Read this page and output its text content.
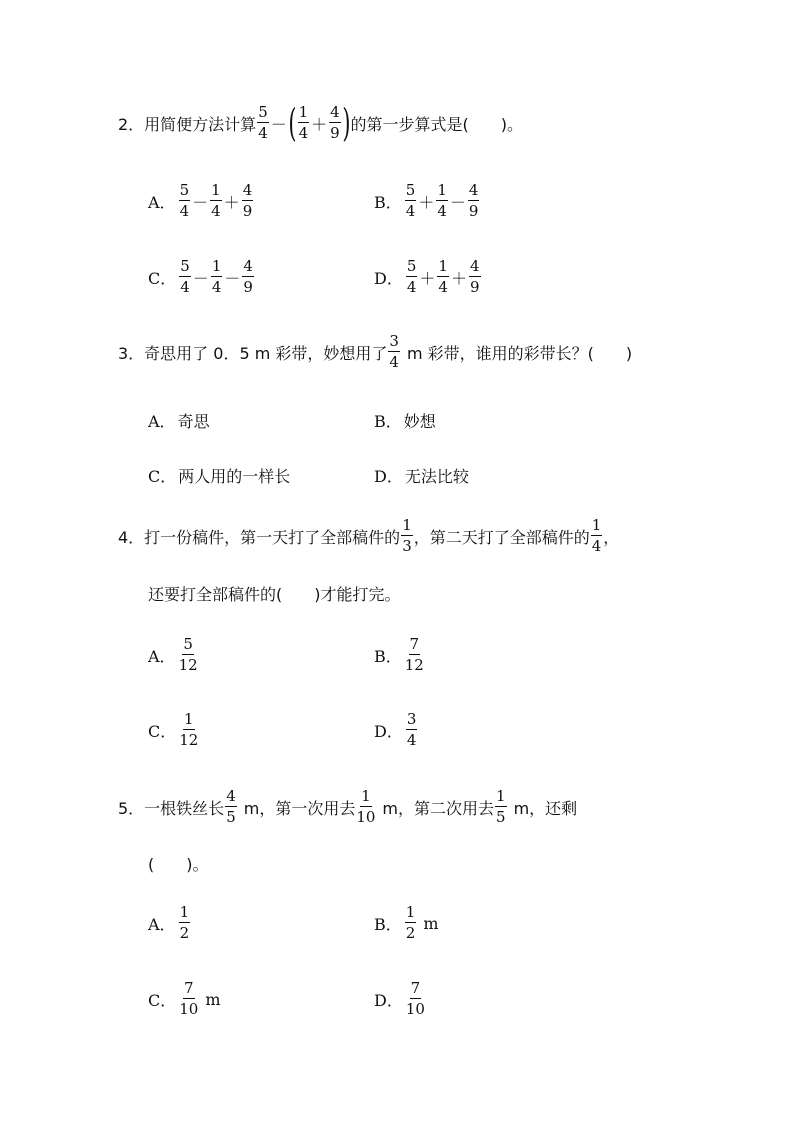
2．用简便方法计算 $\frac{5}{4}$ － ( $\frac{1}{4} + \frac{4}{9}$ ) 的第一步算式是(　　)。
A． $\frac{5}{4} - \frac{1}{4} + \frac{4}{9}$	B． $\frac{5}{4} + \frac{1}{4} - \frac{4}{9}$
C． $\frac{5}{4} - \frac{1}{4} - \frac{4}{9}$	D． $\frac{5}{4} + \frac{1}{4} + \frac{4}{9}$
3．奇思用了 0．5 m 彩带，妙想用了 $\frac{3}{4}$ m 彩带，谁用的彩带长？(　　)
A． 奇思	B． 妙想
C． 两人用的一样长	D． 无法比较
4．打一份稿件，第一天打了全部稿件的 $\frac{1}{3}$ ，第二天打了全部稿件的 $\frac{1}{4}$ ，
还要打全部稿件的(　　)才能打完。
A． $\frac{5}{12}$	B． $\frac{7}{12}$
C． $\frac{1}{12}$	D． $\frac{3}{4}$
5．一根铁丝长 $\frac{4}{5}$ m，第一次用去 $\frac{1}{10}$ m，第二次用去 $\frac{1}{5}$ m，还剩
(　　)。
A． $\frac{1}{2}$	B． $\frac{1}{2}$ m
C． $\frac{7}{10}$ m	D． $\frac{7}{10}$
